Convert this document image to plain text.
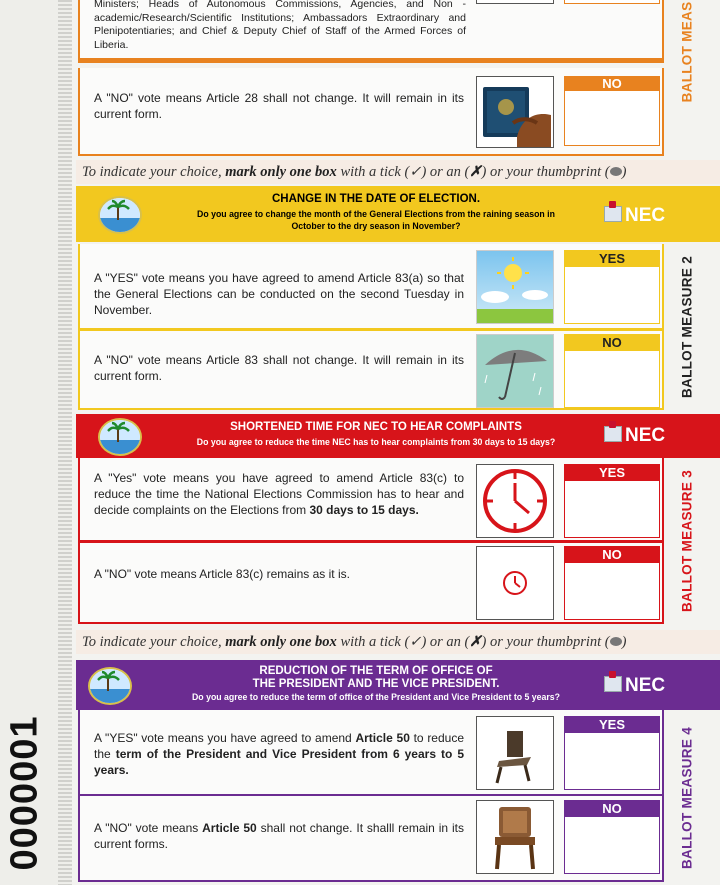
0000001
Ministers; Heads of Autonomous Commissions, Agencies, and Non -academic/Research/Scientific Institutions; Ambassadors Extraordinary and Plenipotentiaries; and Chief & Deputy Chief of Staff of the Armed Forces of Liberia.
A "NO" vote means Article 28 shall not change. It will remain in its current form.
NO	BALLOT MEAS
To indicate your choice, mark only one box with a tick (✓) or an (✗) or your thumbprint ( )
CHANGE IN THE DATE OF ELECTION.
Do you agree to change the month of the General Elections from the raining season in October to the dry season in November?
NEC
A "YES" vote means you have agreed to amend Article 83(a) so that the General Elections can be conducted on the second Tuesday in November.
YES
A "NO" vote means Article 83 shall not change. It will remain in its current form.
NO	BALLOT MEASURE 2
SHORTENED TIME FOR NEC TO HEAR COMPLAINTS
Do you agree to reduce the time NEC has to hear complaints from 30 days to 15 days?	NEC
A "Yes" vote means you have agreed to amend Article 83(c) to reduce the time the National Elections Commission has to hear and decide complaints on the Elections from 30 days to 15 days.
YES
A "NO" vote means Article 83(c) remains as it is.
NO	BALLOT MEASURE 3
To indicate your choice, mark only one box with a tick (✓) or an (✗) or your thumbprint ( )
REDUCTION OF THE TERM OF OFFICE OF
THE PRESIDENT AND THE VICE PRESIDENT.
Do you agree to reduce the term of office of the President and Vice President to 5 years?
NEC
A "YES" vote means you have agreed to amend Article 50 to reduce the term of the President and Vice President from 6 years to 5 years.
YES
A "NO" vote means Article 50 shall not change. It shalll remain in its current forms.
NO	BALLOT MEASURE 4
